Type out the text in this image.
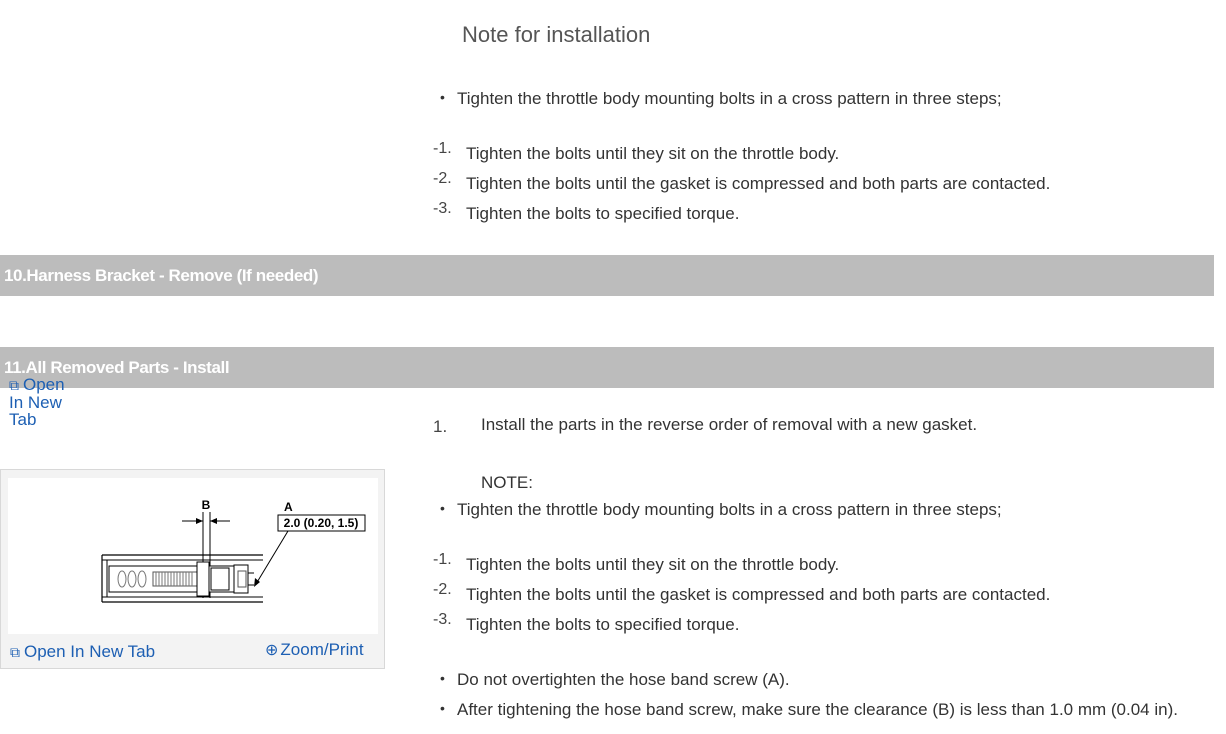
Note for installation
• Tighten the throttle body mounting bolts in a cross pattern in three steps;
-1. Tighten the bolts until they sit on the throttle body.
-2. Tighten the bolts until the gasket is compressed and both parts are contacted.
-3. Tighten the bolts to specified torque.
10.Harness Bracket - Remove (If needed)
11.All Removed Parts - Install
⧉ Open In New Tab
B	A
2.0 (0.20, 1.5)
⧉ Open In New Tab	⊕ Zoom/Print
1. Install the parts in the reverse order of removal with a new gasket.
NOTE:
• Tighten the throttle body mounting bolts in a cross pattern in three steps;
-1. Tighten the bolts until they sit on the throttle body.
-2. Tighten the bolts until the gasket is compressed and both parts are contacted.
-3. Tighten the bolts to specified torque.
• Do not overtighten the hose band screw (A).
• After tightening the hose band screw, make sure the clearance (B) is less than 1.0 mm (0.04 in).
